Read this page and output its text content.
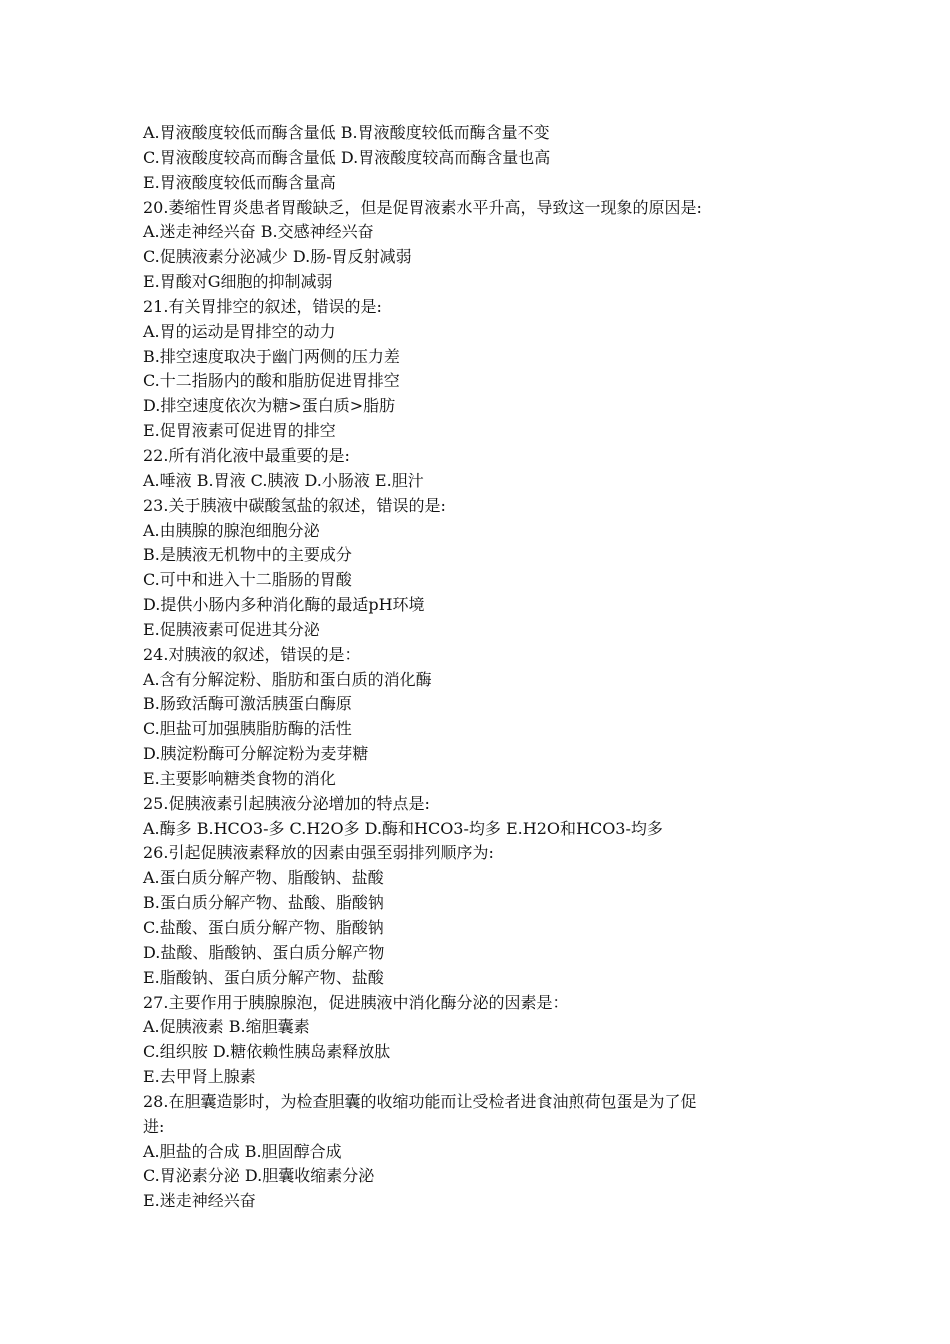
A.胃液酸度较低而酶含量低 B.胃液酸度较低而酶含量不变

C.胃液酸度较高而酶含量低 D.胃液酸度较高而酶含量也高

E.胃液酸度较低而酶含量高

20.萎缩性胃炎患者胃酸缺乏，但是促胃液素水平升高，导致这一现象的原因是:

A.迷走神经兴奋 B.交感神经兴奋

C.促胰液素分泌减少 D.肠-胃反射减弱

E.胃酸对G细胞的抑制减弱

21.有关胃排空的叙述，错误的是:

A.胃的运动是胃排空的动力

B.排空速度取决于幽门两侧的压力差

C.十二指肠内的酸和脂肪促进胃排空

D.排空速度依次为糖>蛋白质>脂肪

E.促胃液素可促进胃的排空

22.所有消化液中最重要的是:

A.唾液 B.胃液 C.胰液 D.小肠液 E.胆汁

23.关于胰液中碳酸氢盐的叙述，错误的是:

A.由胰腺的腺泡细胞分泌

B.是胰液无机物中的主要成分

C.可中和进入十二脂肠的胃酸

D.提供小肠内多种消化酶的最适pH环境

E.促胰液素可促进其分泌

24.对胰液的叙述，错误的是：

A.含有分解淀粉、脂肪和蛋白质的消化酶

B.肠致活酶可激活胰蛋白酶原

C.胆盐可加强胰脂肪酶的活性

D.胰淀粉酶可分解淀粉为麦芽糖

E.主要影响糖类食物的消化

25.促胰液素引起胰液分泌增加的特点是:

A.酶多 B.HCO3-多 C.H2O多 D.酶和HCO3-均多 E.H2O和HCO3-均多

26.引起促胰液素释放的因素由强至弱排列顺序为:

A.蛋白质分解产物、脂酸钠、盐酸

B.蛋白质分解产物、盐酸、脂酸钠

C.盐酸、蛋白质分解产物、脂酸钠

D.盐酸、脂酸钠、蛋白质分解产物

E.脂酸钠、蛋白质分解产物、盐酸

27.主要作用于胰腺腺泡，促进胰液中消化酶分泌的因素是：

A.促胰液素 B.缩胆囊素

C.组织胺 D.糖依赖性胰岛素释放肽

E.去甲肾上腺素

28.在胆囊造影时，为检查胆囊的收缩功能而让受检者进食油煎荷包蛋是为了促

进:

A.胆盐的合成 B.胆固醇合成

C.胃泌素分泌 D.胆囊收缩素分泌

E.迷走神经兴奋
